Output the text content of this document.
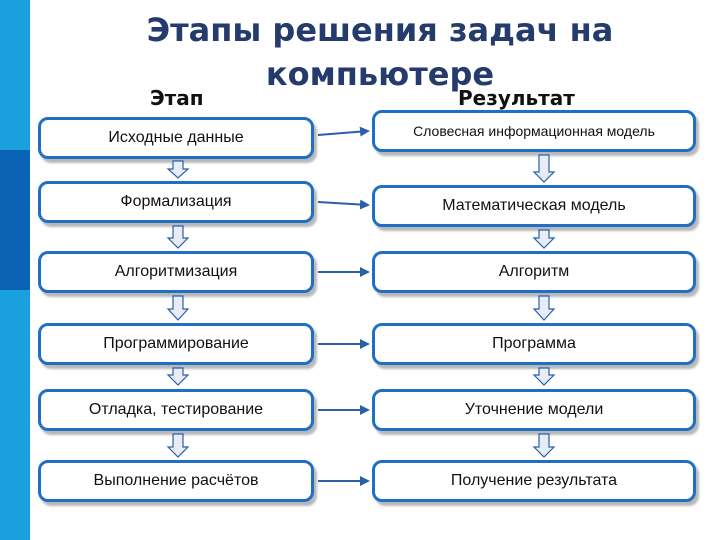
Этапы решения задач на компьютере
Этап	Результат
Исходные данные
Формализация
Алгоритмизация
Программирование
Отладка, тестирование
Выполнение расчётов
Словесная информационная модель
Математическая модель
Алгоритм
Программа
Уточнение модели
Получение результата
